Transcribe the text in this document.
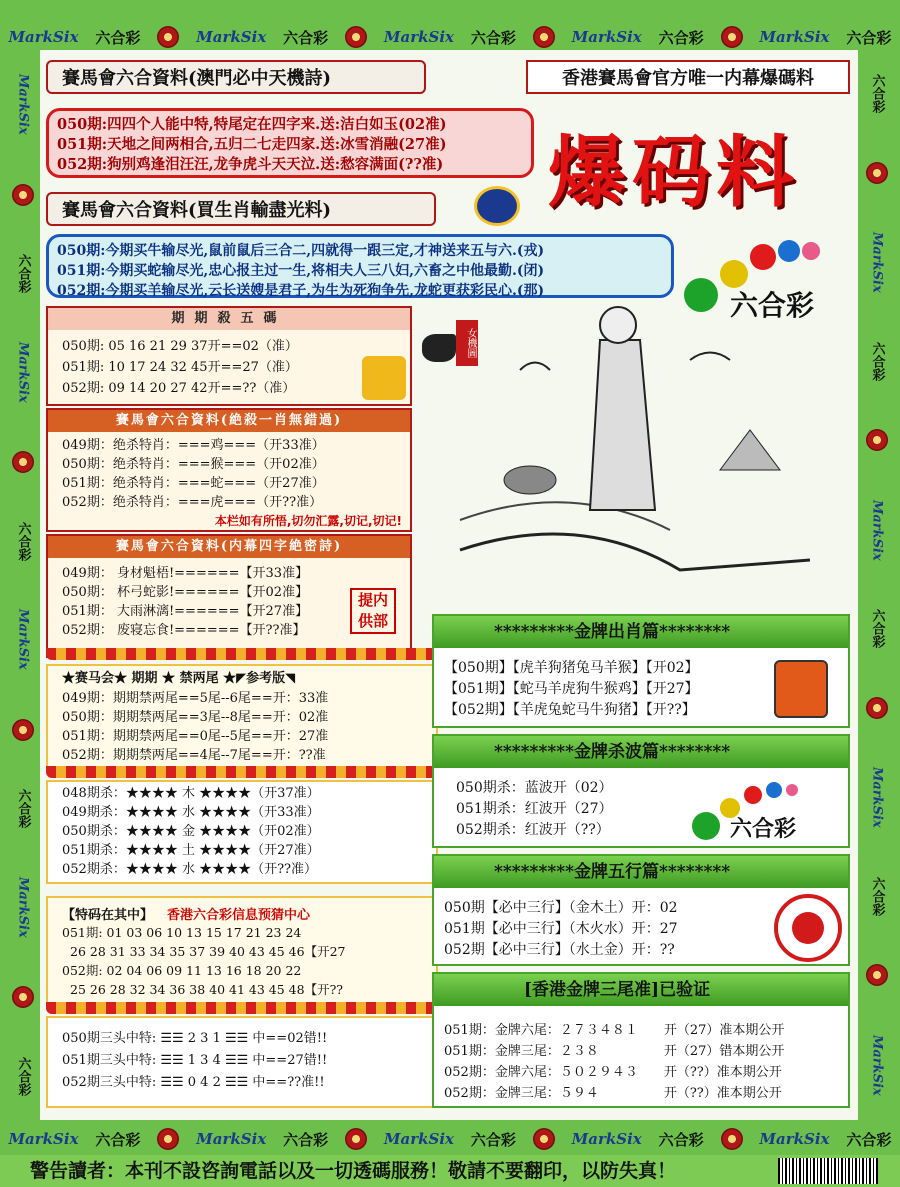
MarkSix 六合彩	MarkSix 六合彩	MarkSix 六合彩	MarkSix 六合彩	MarkSix 六合彩
MarkSix 六合彩	MarkSix 六合彩	MarkSix 六合彩	MarkSix 六合彩	MarkSix 六合彩
MarkSix
六合彩
MarkSix
六合彩
MarkSix
六合彩
MarkSix
六合彩
六合彩
MarkSix
六合彩
MarkSix
六合彩
MarkSix
六合彩
MarkSix
賽馬會六合資料(澳門必中天機詩)	香港賽馬會官方唯一内幕爆碼料
050期:四四个人能中特,特尾定在四字来.送:洁白如玉(02准)
051期:天地之间两相合,五归二七走四家.送:冰雪消融(27准)
052期:狗别鸡逢泪汪汪,龙争虎斗天天泣.送:愁容满面(??准)	爆码料
賽馬會六合資料(買生肖輸盡光料)
050期:今期买牛输尽光,鼠前鼠后三合二,四就得一跟三定,才神送来五与六.(戎)
051期:今期买蛇输尽光,忠心报主过一生,将相夫人三八妇,六畜之中他最勤.(闭)
052期:今期买羊输尽光,云长送嫂是君子,为生为死狗争先,龙蛇更获彩民心.(那)	六合彩
期期殺五碼
050期: 05 16 21 29 37开==02（准）
051期: 10 17 24 32 45开==27（准）
052期: 09 14 20 27 42开==??（准）
賽馬會六合資料(絶殺一肖無錯過)
049期：绝杀特肖：===鸡===（开33准）
050期：绝杀特肖：===猴===（开02准）
051期：绝杀特肖：===蛇===（开27准）
052期：绝杀特肖：===虎===（开??准）
本栏如有所悟,切勿汇露,切记,切记!
賽馬會六合資料(内幕四字絶密詩)
049期： 身材魁梧!======【开33准】
050期： 杯弓蛇影!======【开02准】
051期： 大雨淋漓!======【开27准】
052期： 废寝忘食!======【开??准】
提内供部
★赛马会★ 期期 ★ 禁两尾 ★◤参考版◥
049期：期期禁两尾==5尾--6尾==开：33准
050期：期期禁两尾==3尾--8尾==开：02准
051期：期期禁两尾==0尾--5尾==开：27准
052期：期期禁两尾==4尾--7尾==开：??准
048期杀：★★★★ 木 ★★★★（开37准）
049期杀：★★★★ 水 ★★★★（开33准）
050期杀：★★★★ 金 ★★★★（开02准）
051期杀：★★★★ 土 ★★★★（开27准）
052期杀：★★★★ 水 ★★★★（开??准）
【特码在其中】 香港六合彩信息预猜中心
051期: 01 03 06 10 13 15 17 21 23 24
26 28 31 33 34 35 37 39 40 43 45 46【开27
052期: 02 04 06 09 11 13 16 18 20 22
25 26 28 32 34 36 38 40 41 43 45 48【开??
050期三头中特: ☰☰ 2 3 1 ☰☰ 中==02错!!
051期三头中特: ☰☰ 1 3 4 ☰☰ 中==27错!!
052期三头中特: ☰☰ 0 4 2 ☰☰ 中==??准!!
女機圖
*********金牌出肖篇********
【050期】【虎羊狗猪兔马羊猴】【开02】
【051期】【蛇马羊虎狗牛猴鸡】【开27】
【052期】【羊虎兔蛇马牛狗猪】【开??】
*********金牌杀波篇********
050期杀：蓝波开（02）
051期杀：红波开（27）
052期杀：红波开（??）	六合彩
*********金牌五行篇********
050期【必中三行】（金木土）开：02
051期【必中三行】（木火水）开：27
052期【必中三行】（水土金）开：??
[香港金牌三尾准]已验证
051期：金牌六尾：２７３４８１　　开（27）准本期公开
051期：金牌三尾：２３８　　　　　开（27）错本期公开
052期：金牌六尾：５０２９４３　　开（??）准本期公开
052期：金牌三尾：５９４　　　　　开（??）准本期公开
警告讀者：本刊不設咨詢電話以及一切透碼服務！敬請不要翻印，以防失真！
